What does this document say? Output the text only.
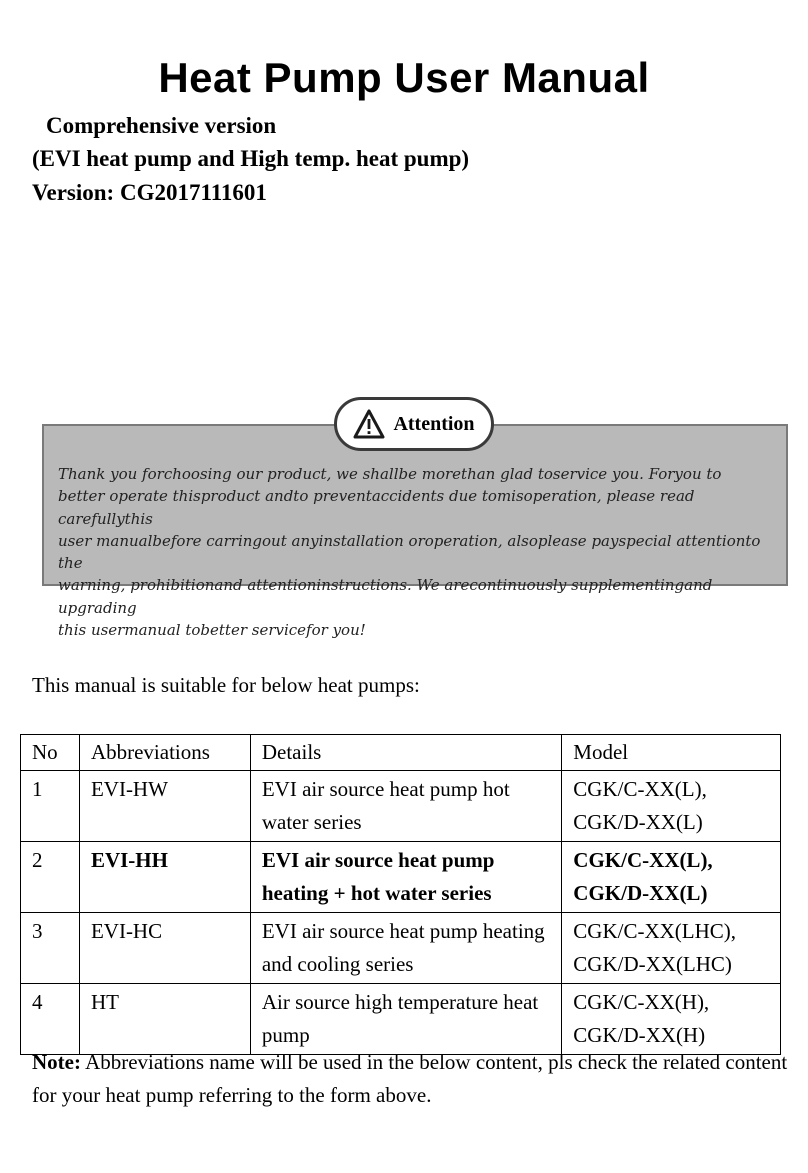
Heat Pump User Manual
Comprehensive version
(EVI heat pump and High temp. heat pump)
Version: CG2017111601
Attention
Thank you forchoosing our product, we shallbe morethan glad toservice you. Foryou to
better operate thisproduct andto preventaccidents due tomisoperation, please read carefullythis
user manualbefore carringout anyinstallation oroperation, alsoplease payspecial attentionto the
warning, prohibitionand attentioninstructions. We arecontinuously supplementingand upgrading
this usermanual tobetter servicefor you!
This manual is suitable for below heat pumps:
No	Abbreviations	Details	Model
1	EVI-HW	EVI air source heat pump hot water series	CGK/C-XX(L),
CGK/D-XX(L)
2	EVI-HH	EVI air source heat pump heating + hot water series	CGK/C-XX(L),
CGK/D-XX(L)
3	EVI-HC	EVI air source heat pump heating and cooling series	CGK/C-XX(LHC),
CGK/D-XX(LHC)
4	HT	Air source high temperature heat pump	CGK/C-XX(H),
CGK/D-XX(H)
Note: Abbreviations name will be used in the below content, pls check the related content for your heat pump referring to the form above.
